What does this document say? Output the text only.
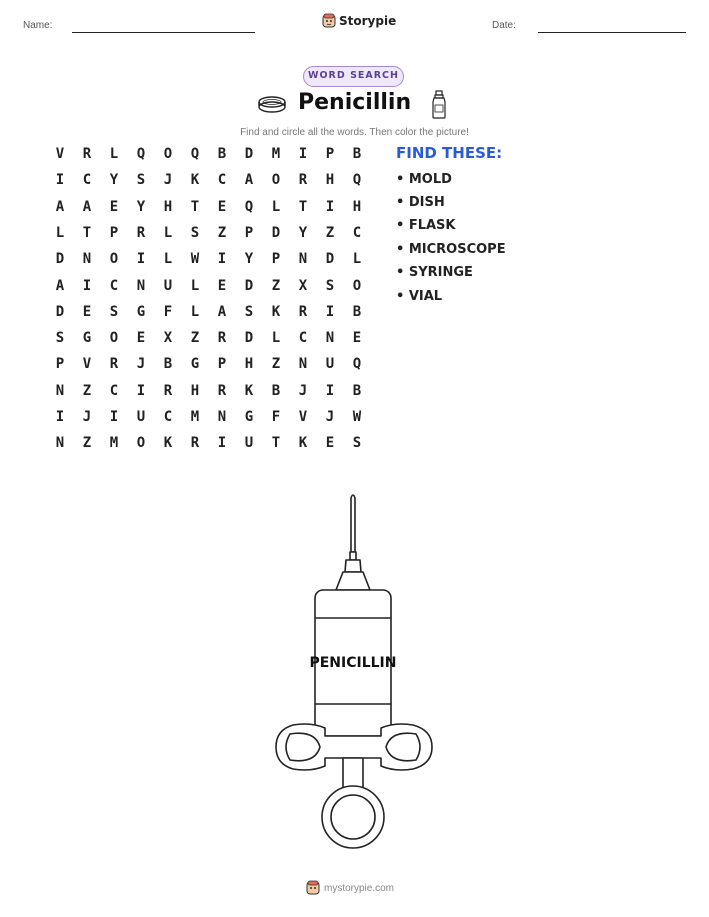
Name:	Storypie	Date:
WORD SEARCH
Penicillin
Find and circle all the words. Then color the picture!
V	R	L	Q	O	Q	B	D	M	I	P	B
I	C	Y	S	J	K	C	A	O	R	H	Q
A	A	E	Y	H	T	E	Q	L	T	I	H
L	T	P	R	L	S	Z	P	D	Y	Z	C
D	N	O	I	L	W	I	Y	P	N	D	L
A	I	C	N	U	L	E	D	Z	X	S	O
D	E	S	G	F	L	A	S	K	R	I	B
S	G	O	E	X	Z	R	D	L	C	N	E
P	V	R	J	B	G	P	H	Z	N	U	Q
N	Z	C	I	R	H	R	K	B	J	I	B
I	J	I	U	C	M	N	G	F	V	J	W
N	Z	M	O	K	R	I	U	T	K	E	S
FIND THESE:
• MOLD
• DISH
• FLASK
• MICROSCOPE
• SYRINGE
• VIAL
PENICILLIN
mystorypie.com
